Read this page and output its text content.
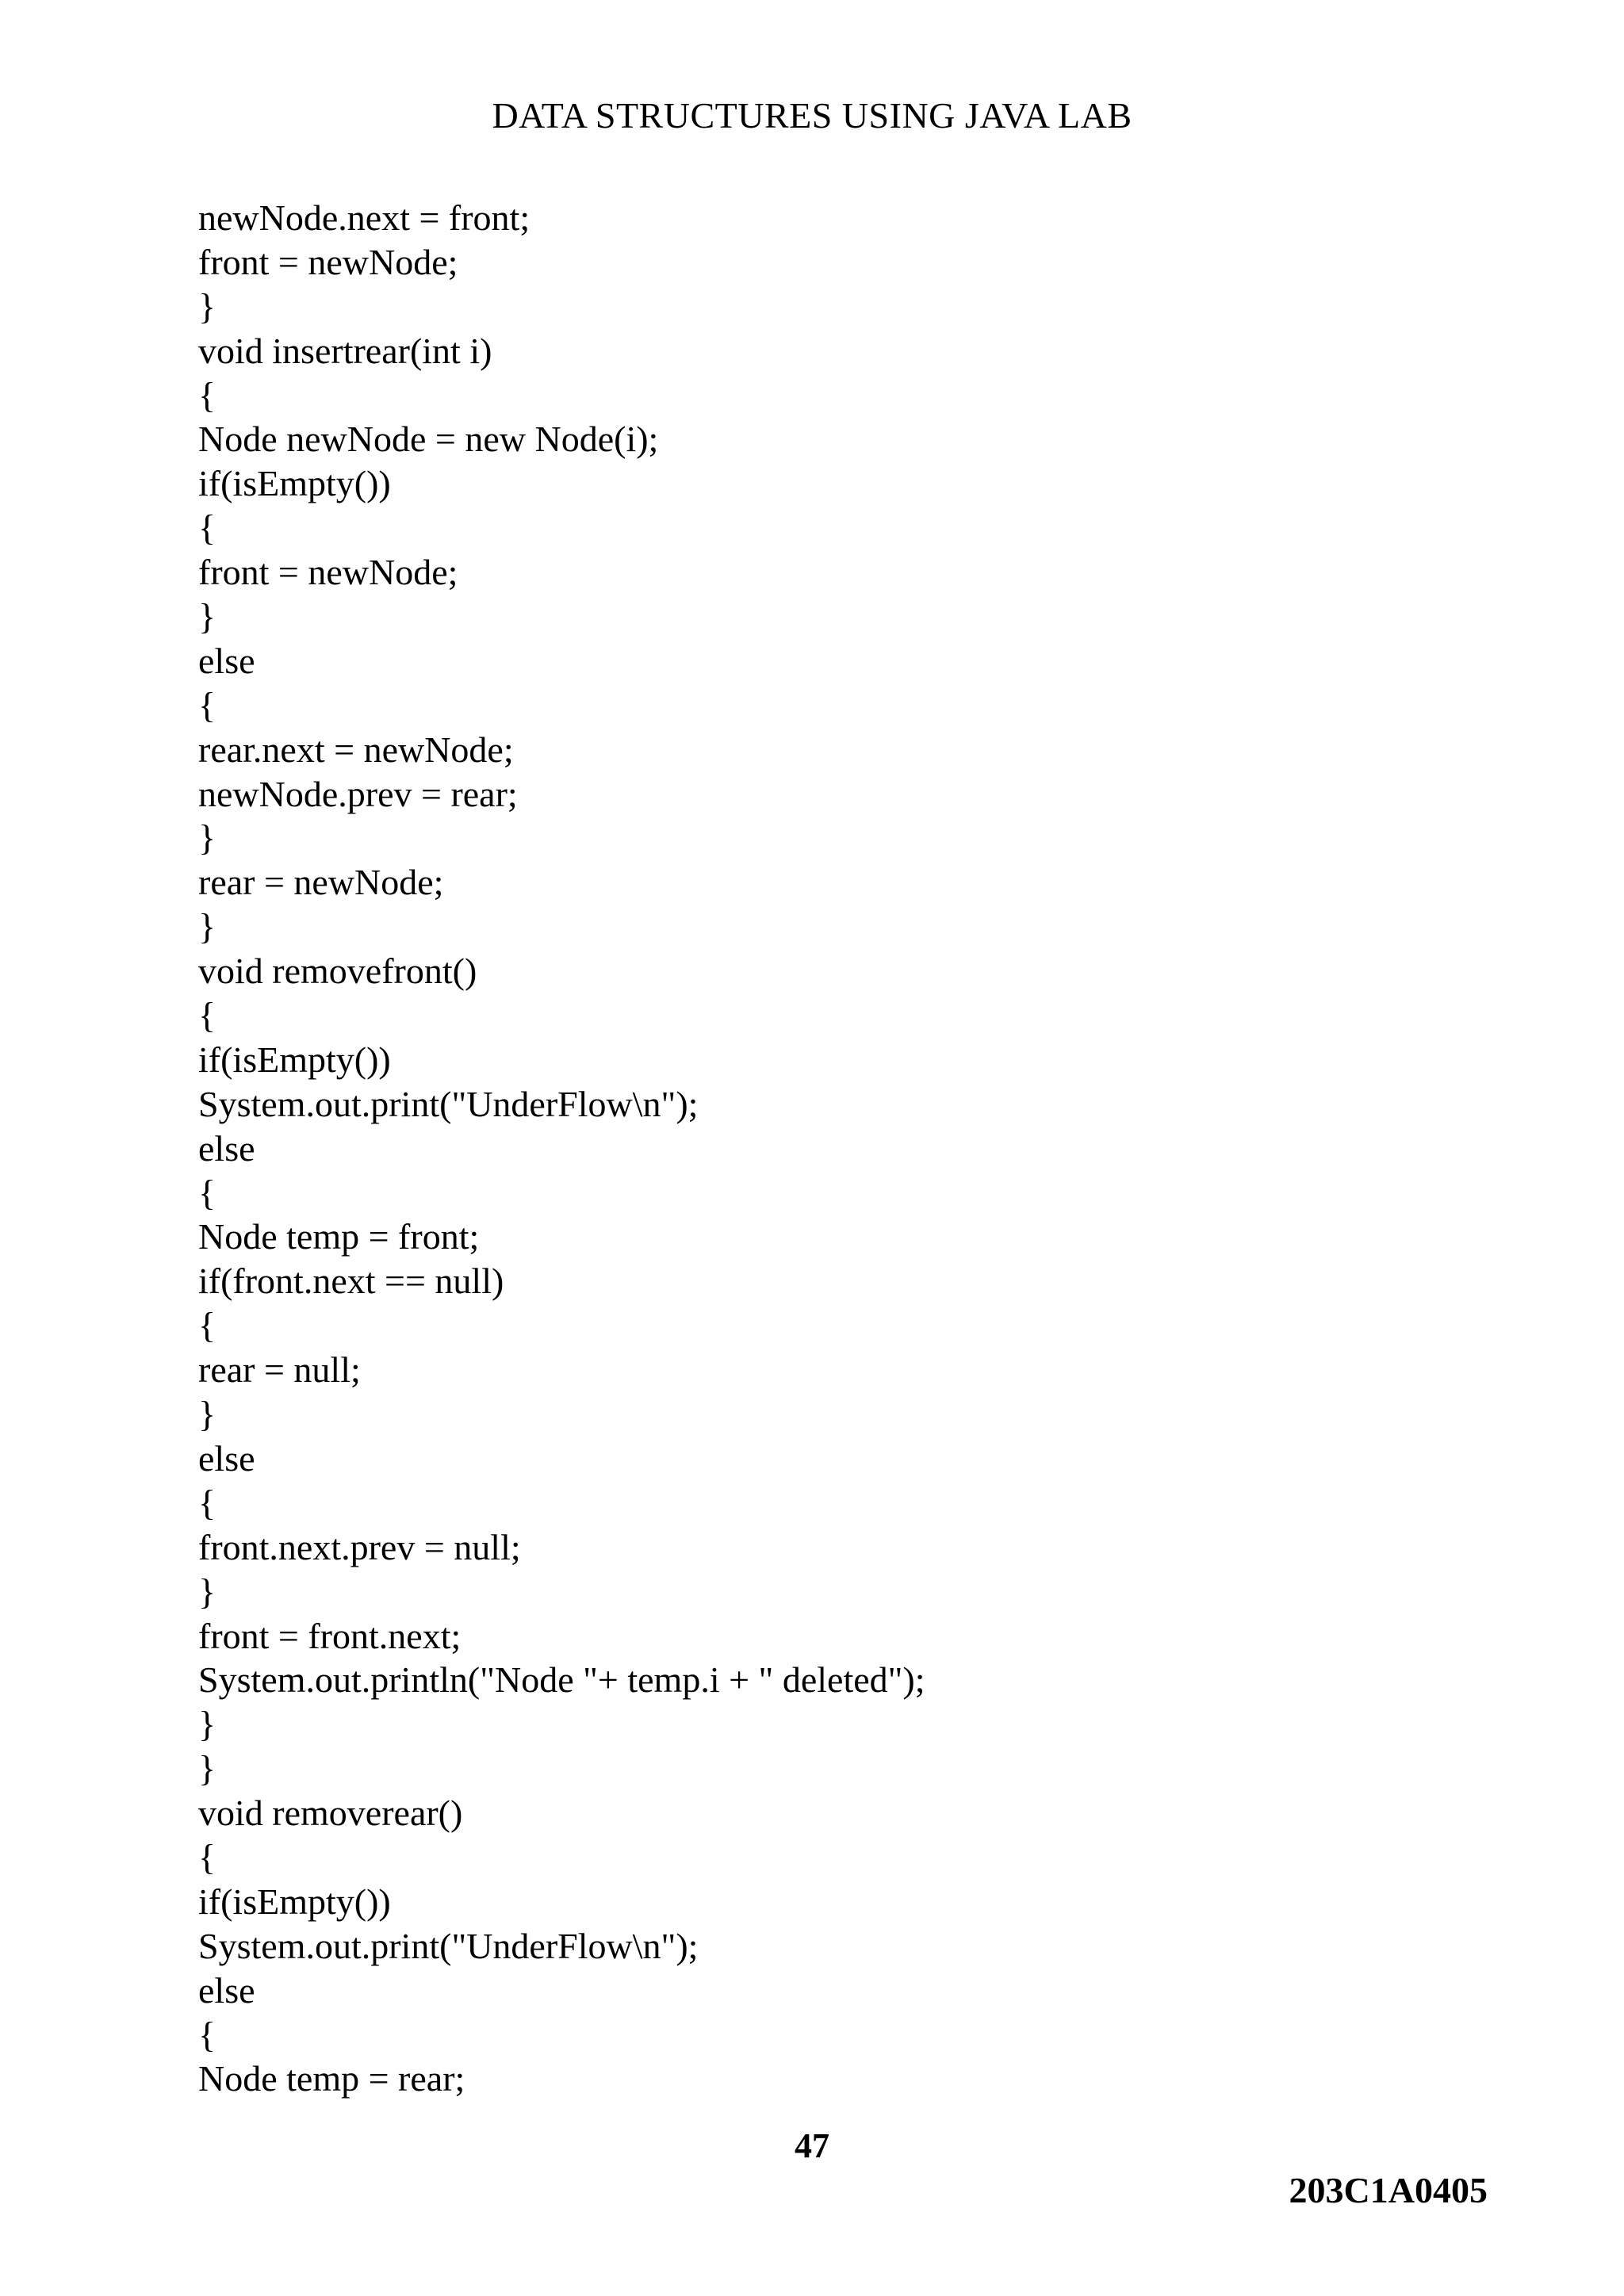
DATA STRUCTURES USING JAVA LAB
newNode.next = front;
front = newNode;
}
void insertrear(int i)
{
Node newNode = new Node(i);
if(isEmpty())
{
front = newNode;
}
else
{
rear.next = newNode;
newNode.prev = rear;
}
rear = newNode;
}
void removefront()
{
if(isEmpty())
System.out.print("UnderFlow\n");
else
{
Node temp = front;
if(front.next == null)
{
rear = null;
}
else
{
front.next.prev = null;
}
front = front.next;
System.out.println("Node "+ temp.i + " deleted");
}
}
void removerear()
{
if(isEmpty())
System.out.print("UnderFlow\n");
else
{
Node temp = rear;
47
203C1A0405
